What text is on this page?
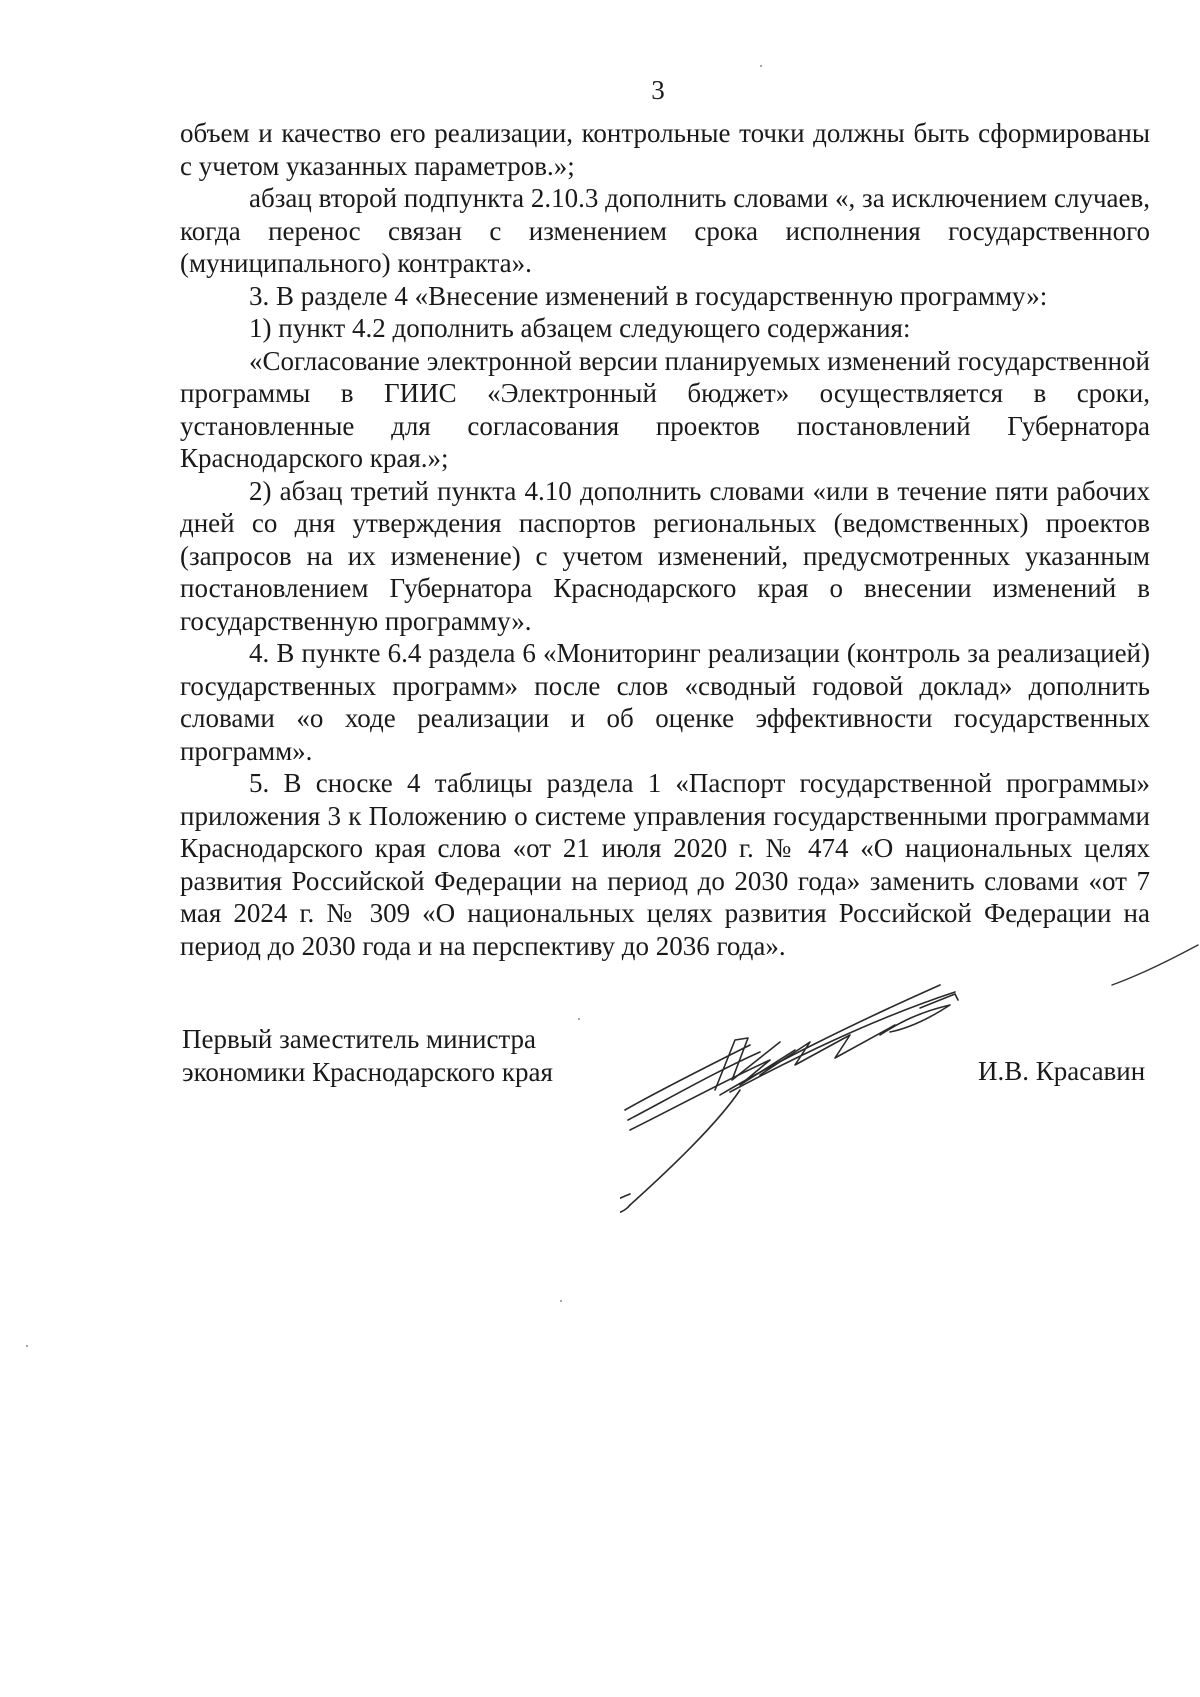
3

объем и качество его реализации, контрольные точки должны быть сформированы с учетом указанных параметров.»;

абзац второй подпункта 2.10.3 дополнить словами «, за исключением случаев, когда перенос связан с изменением срока исполнения государственного (муниципального) контракта».

3. В разделе 4 «Внесение изменений в государственную программу»:

1) пункт 4.2 дополнить абзацем следующего содержания:

«Согласование электронной версии планируемых изменений государственной программы в ГИИС «Электронный бюджет» осуществляется в сроки, установленные для согласования проектов постановлений Губернатора Краснодарского края.»;

2) абзац третий пункта 4.10 дополнить словами «или в течение пяти рабочих дней со дня утверждения паспортов региональных (ведомственных) проектов (запросов на их изменение) с учетом изменений, предусмотренных указанным постановлением Губернатора Краснодарского края о внесении изменений в государственную программу».

4. В пункте 6.4 раздела 6 «Мониторинг реализации (контроль за реализацией) государственных программ» после слов «сводный годовой доклад» дополнить словами «о ходе реализации и об оценке эффективности государственных программ».

5. В сноске 4 таблицы раздела 1 «Паспорт государственной программы» приложения 3 к Положению о системе управления государственными программами Краснодарского края слова «от 21 июля 2020 г. № 474 «О национальных целях развития Российской Федерации на период до 2030 года» заменить словами «от 7 мая 2024 г. № 309 «О национальных целях развития Российской Федерации на период до 2030 года и на перспективу до 2036 года».

Первый заместитель министра
экономики Краснодарского края	И.В. Красавин
